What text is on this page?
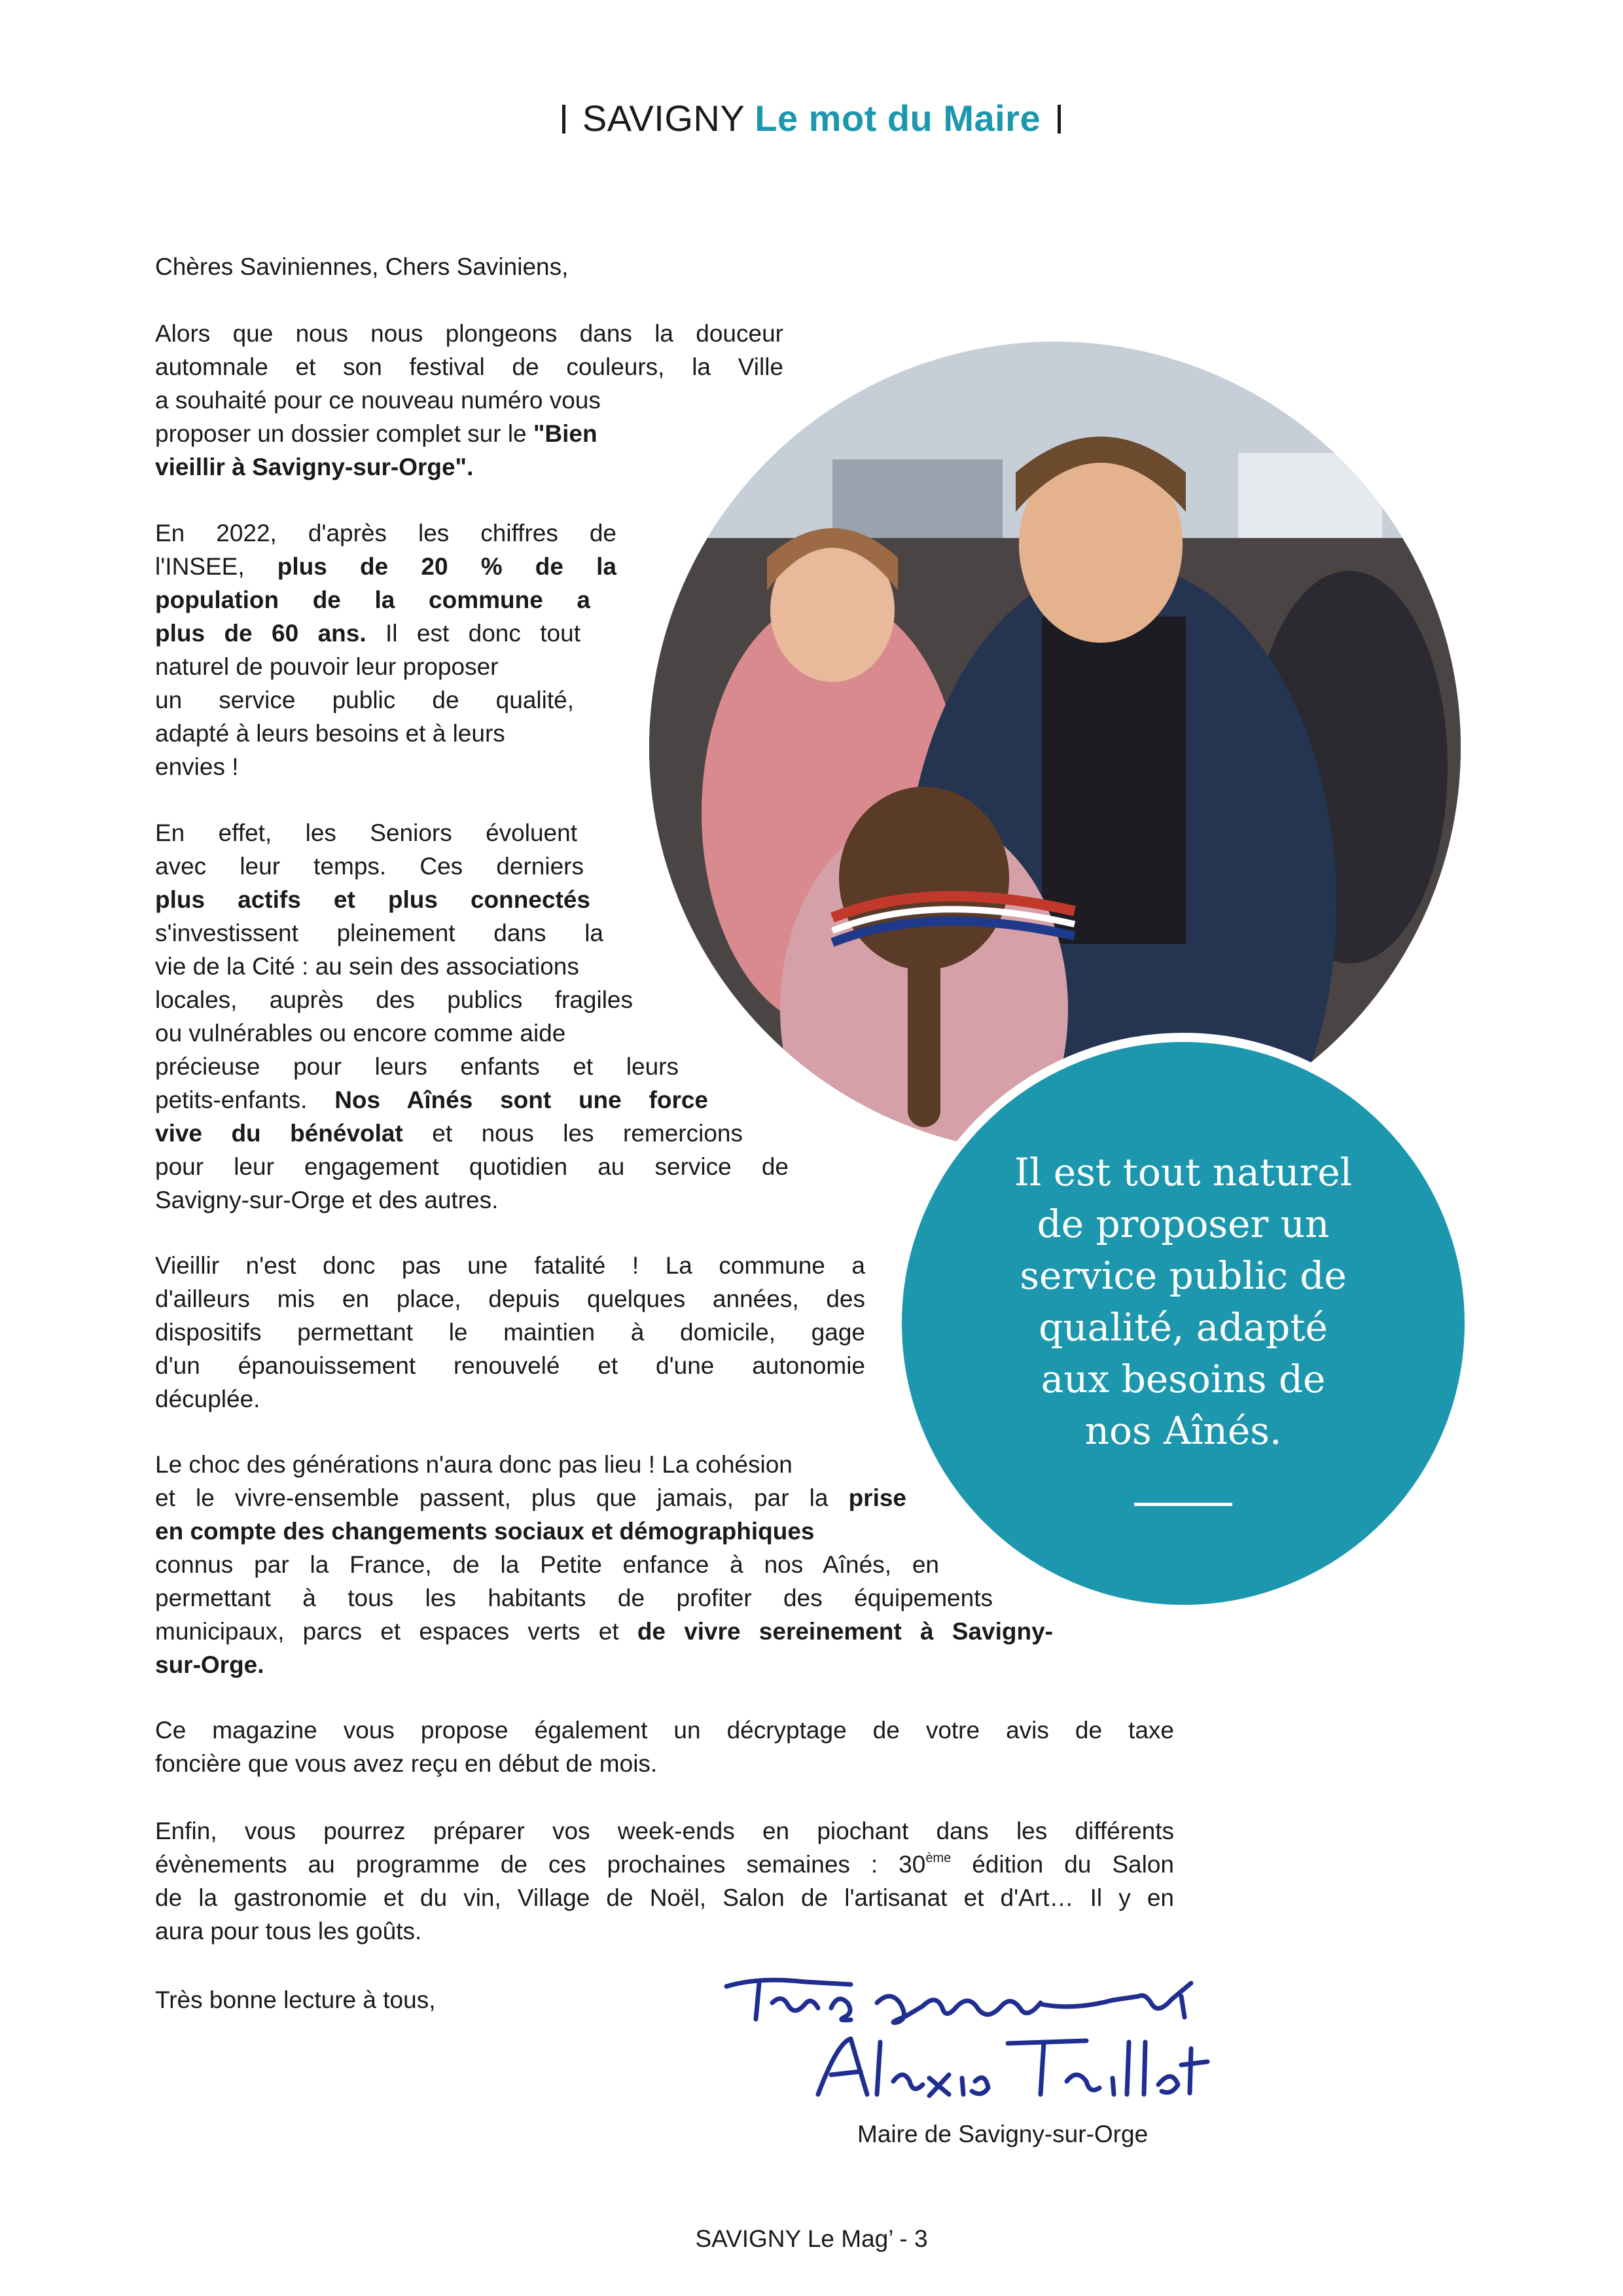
SAVIGNY Le mot du Maire
Il est tout naturel
de proposer un
service public de
qualité, adapté
aux besoins de
nos Aînés.
Chères Saviniennes, Chers Saviniens,
Alors que nous nous plongeons dans la douceur
automnale et son festival de couleurs, la Ville
a souhaité pour ce nouveau numéro vous
proposer un dossier complet sur le "Bien
vieillir à Savigny-sur-Orge".
En 2022, d'après les chiffres de
l'INSEE, plus de 20 % de la
population de la commune a
plus de 60 ans. Il est donc tout
naturel de pouvoir leur proposer
un service public de qualité,
adapté à leurs besoins et à leurs
envies !
En effet, les Seniors évoluent
avec leur temps. Ces derniers
plus actifs et plus connectés
s'investissent pleinement dans la
vie de la Cité : au sein des associations
locales, auprès des publics fragiles
ou vulnérables ou encore comme aide
précieuse pour leurs enfants et leurs
petits-enfants. Nos Aînés sont une force
vive du bénévolat et nous les remercions
pour leur engagement quotidien au service de
Savigny-sur-Orge et des autres.
Vieillir n'est donc pas une fatalité ! La commune a
d'ailleurs mis en place, depuis quelques années, des
dispositifs permettant le maintien à domicile, gage
d'un épanouissement renouvelé et d'une autonomie
décuplée.
Le choc des générations n'aura donc pas lieu ! La cohésion
et le vivre-ensemble passent, plus que jamais, par la prise
en compte des changements sociaux et démographiques
connus par la France, de la Petite enfance à nos Aînés, en
permettant à tous les habitants de profiter des équipements
municipaux, parcs et espaces verts et de vivre sereinement à Savigny-
sur-Orge.
Ce magazine vous propose également un décryptage de votre avis de taxe
foncière que vous avez reçu en début de mois.
Enfin, vous pourrez préparer vos week-ends en piochant dans les différents
évènements au programme de ces prochaines semaines : 30ème édition du Salon
de la gastronomie et du vin, Village de Noël, Salon de l'artisanat et d'Art… Il y en
aura pour tous les goûts.
Très bonne lecture à tous,
Maire de Savigny-sur-Orge
SAVIGNY Le Mag’ - 3
